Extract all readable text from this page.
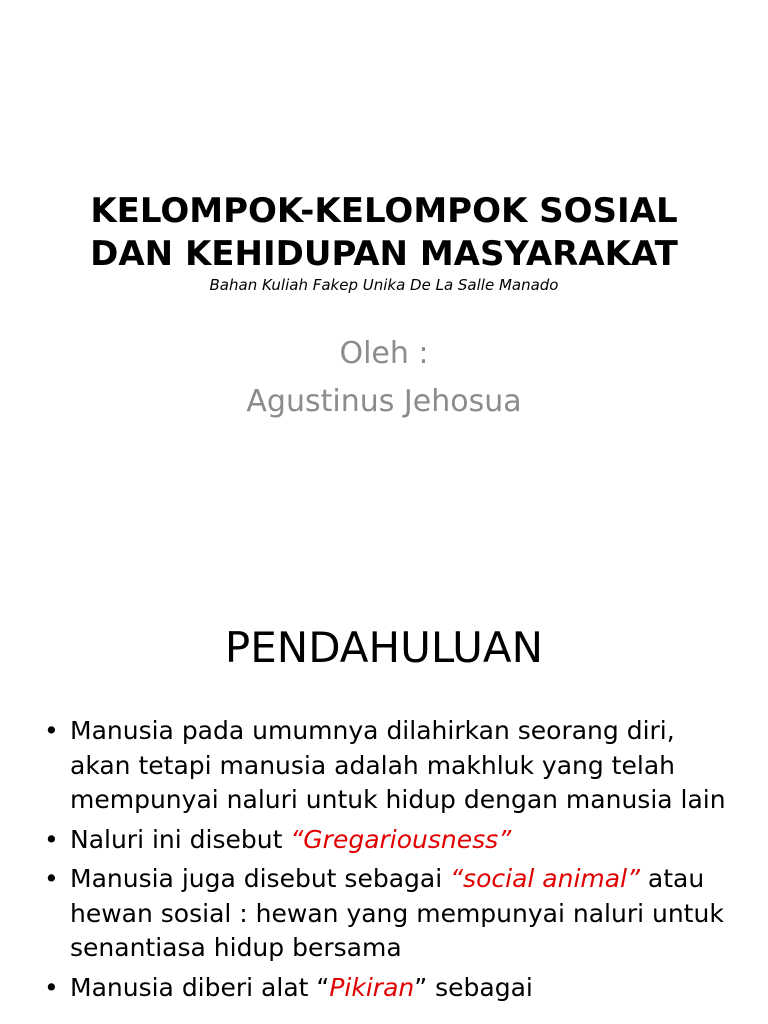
KELOMPOK-KELOMPOK SOSIAL
DAN KEHIDUPAN MASYARAKAT

Bahan Kuliah Fakep Unika De La Salle Manado

Oleh :
Agustinus Jehosua
PENDAHULUAN
• Manusia pada umumnya dilahirkan seorang diri, akan tetapi manusia adalah makhluk yang telah mempunyai naluri untuk hidup dengan manusia lain
• Naluri ini disebut “Gregariousness”
• Manusia juga disebut sebagai “social animal” atau hewan sosial : hewan yang mempunyai naluri untuk senantiasa hidup bersama
• Manusia diberi alat “Pikiran” sebagai
